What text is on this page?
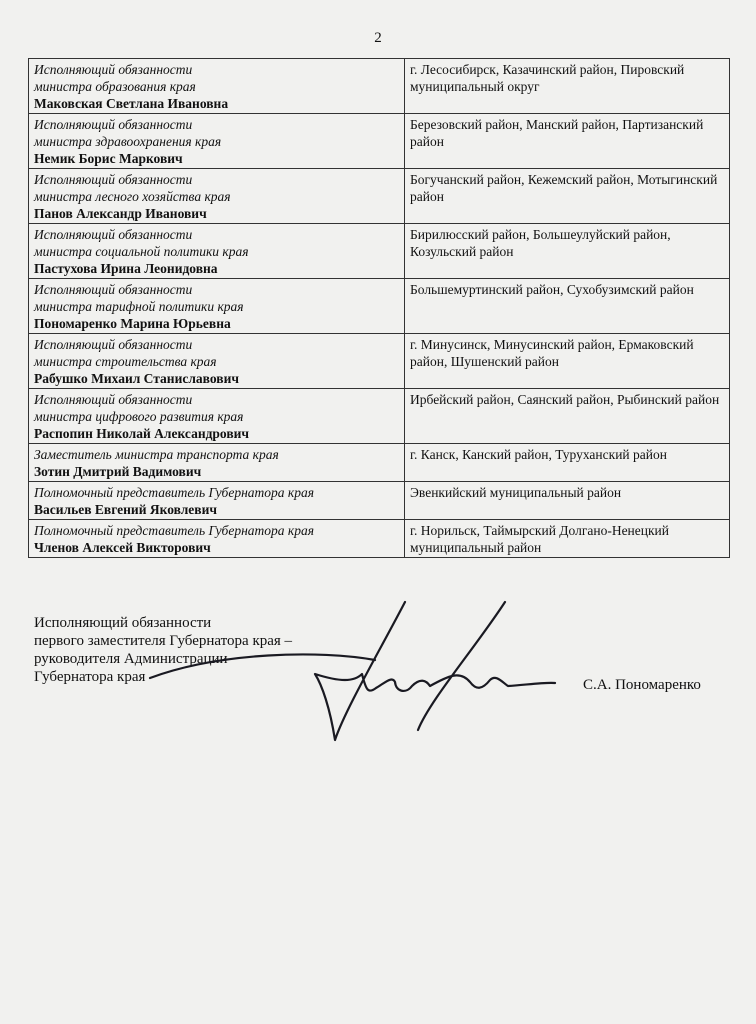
2
Исполняющий обязанности
министра образования края
Маковская Светлана Ивановна	г. Лесосибирск, Казачинский район, Пировский муниципальный округ

Исполняющий обязанности
министра здравоохранения края
Немик Борис Маркович	Березовский район, Манский район, Партизанский район

Исполняющий обязанности
министра лесного хозяйства края
Панов Александр Иванович	Богучанский район, Кежемский район, Мотыгинский район

Исполняющий обязанности
министра социальной политики края
Пастухова Ирина Леонидовна	Бирилюсский район, Большеулуйский район, Козульский район

Исполняющий обязанности
министра тарифной политики края
Пономаренко Марина Юрьевна	Большемуртинский район, Сухобузимский район

Исполняющий обязанности
министра строительства края
Рабушко Михаил Станиславович	г. Минусинск, Минусинский район, Ермаковский район, Шушенский район

Исполняющий обязанности
министра цифрового развития края
Распопин Николай Александрович	Ирбейский район, Саянский район, Рыбинский район

Заместитель министра транспорта края
Зотин Дмитрий Вадимович	г. Канск, Канский район, Туруханский район

Полномочный представитель Губернатора края
Васильев Евгений Яковлевич	Эвенкийский муниципальный район

Полномочный представитель Губернатора края
Членов Алексей Викторович	г. Норильск, Таймырский Долгано-Ненецкий муниципальный район
Исполняющий обязанности
первого заместителя Губернатора края –
руководителя Администрации
Губернатора края	С.А. Пономаренко
